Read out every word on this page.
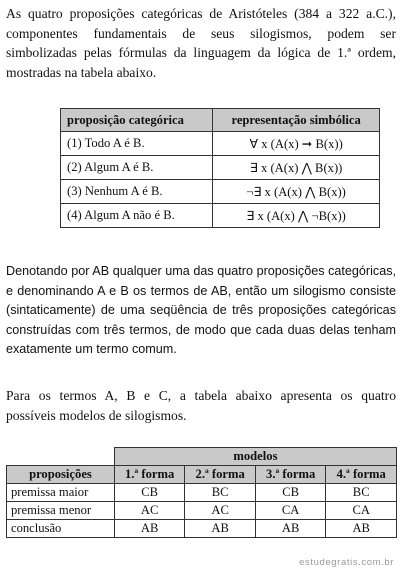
As quatro proposições categóricas de Aristóteles (384 a 322 a.C.),
componentes fundamentais de seus silogismos, podem ser
simbolizadas pelas fórmulas da linguagem da lógica de 1.ª ordem,
mostradas na tabela abaixo.
proposição categórica	representação simbólica
(1) Todo A é B.	∀ x (A(x) ➞ B(x))
(2) Algum A é B.	∃ x (A(x) ⋀ B(x))
(3) Nenhum A é B.	¬∃ x (A(x) ⋀ B(x))
(4) Algum A não é B.	∃ x (A(x) ⋀ ¬B(x))
Denotando por AB qualquer uma das quatro proposições categóricas,
e denominando A e B os termos de AB, então um silogismo consiste
(sintaticamente) de uma seqüência de três proposições categóricas
construídas com três termos, de modo que cada duas delas tenham
exatamente um termo comum.
Para os termos A, B e C, a tabela abaixo apresenta os quatro
possíveis modelos de silogismos.
	modelos			
proposições	1.ª forma	2.ª forma	3.ª forma	4.ª forma
premissa maior	CB	BC	CB	BC
premissa menor	AC	AC	CA	CA
conclusão	AB	AB	AB	AB
estudegratis.com.br
